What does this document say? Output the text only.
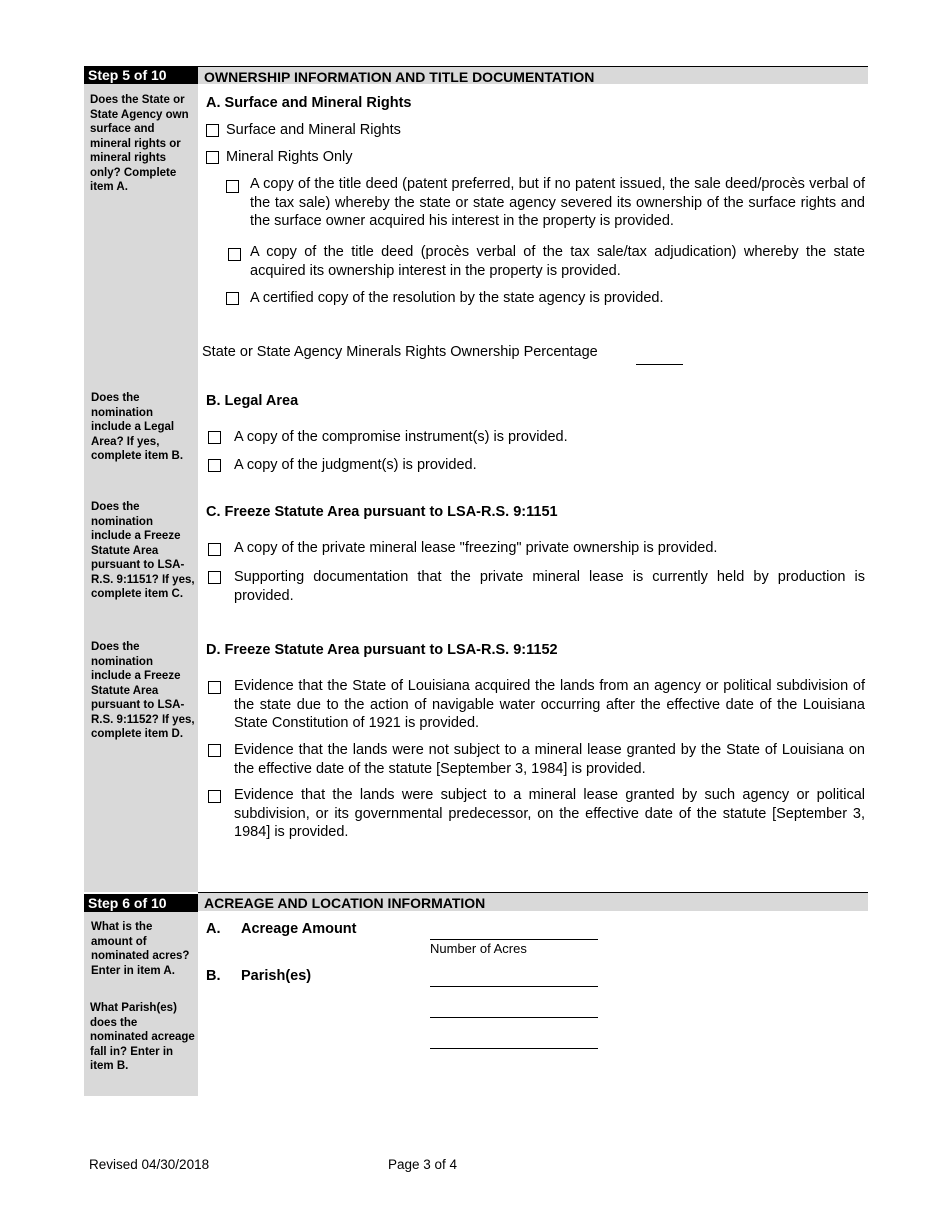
Step 5 of 10	OWNERSHIP INFORMATION AND TITLE DOCUMENTATION
Does the State or State Agency own surface and mineral rights or mineral rights only? Complete item A.
Does the nomination include a Legal Area? If yes, complete item B.
Does the nomination include a Freeze Statute Area pursuant to LSA- R.S. 9:1151? If yes, complete item C.
Does the nomination include a Freeze Statute Area pursuant to LSA- R.S. 9:1152? If yes, complete item D.
A. Surface and Mineral Rights
Surface and Mineral Rights
Mineral Rights Only
A copy of the title deed (patent preferred, but if no patent issued, the sale deed/procès verbal of the tax sale) whereby the state or state agency severed its ownership of the surface rights and the surface owner acquired his interest in the property is provided.
A copy of the title deed (procès verbal of the tax sale/tax adjudication) whereby the state acquired its ownership interest in the property is provided.
A certified copy of the resolution by the state agency is provided.
State or State Agency Minerals Rights Ownership Percentage
B. Legal Area
A copy of the compromise instrument(s) is provided.
A copy of the judgment(s) is provided.
C. Freeze Statute Area pursuant to LSA-R.S. 9:1151
A copy of the private mineral lease "freezing" private ownership is provided.
Supporting documentation that the private mineral lease is currently held by production is provided.
D. Freeze Statute Area pursuant to LSA-R.S. 9:1152
Evidence that the State of Louisiana acquired the lands from an agency or political subdivision of the state due to the action of navigable water occurring after the effective date of the Louisiana State Constitution of 1921 is provided.
Evidence that the lands were not subject to a mineral lease granted by the State of Louisiana on the effective date of the statute [September 3, 1984] is provided.
Evidence that the lands were subject to a mineral lease granted by such agency or political subdivision, or its governmental predecessor, on the effective date of the statute [September 3, 1984] is provided.
Step 6 of 10	ACREAGE AND LOCATION INFORMATION
What is the amount of nominated acres? Enter in item A.
What Parish(es) does the nominated acreage fall in? Enter in item B.
A. Acreage Amount
Number of Acres
B. Parish(es)
Revised 04/30/2018	Page 3 of 4
